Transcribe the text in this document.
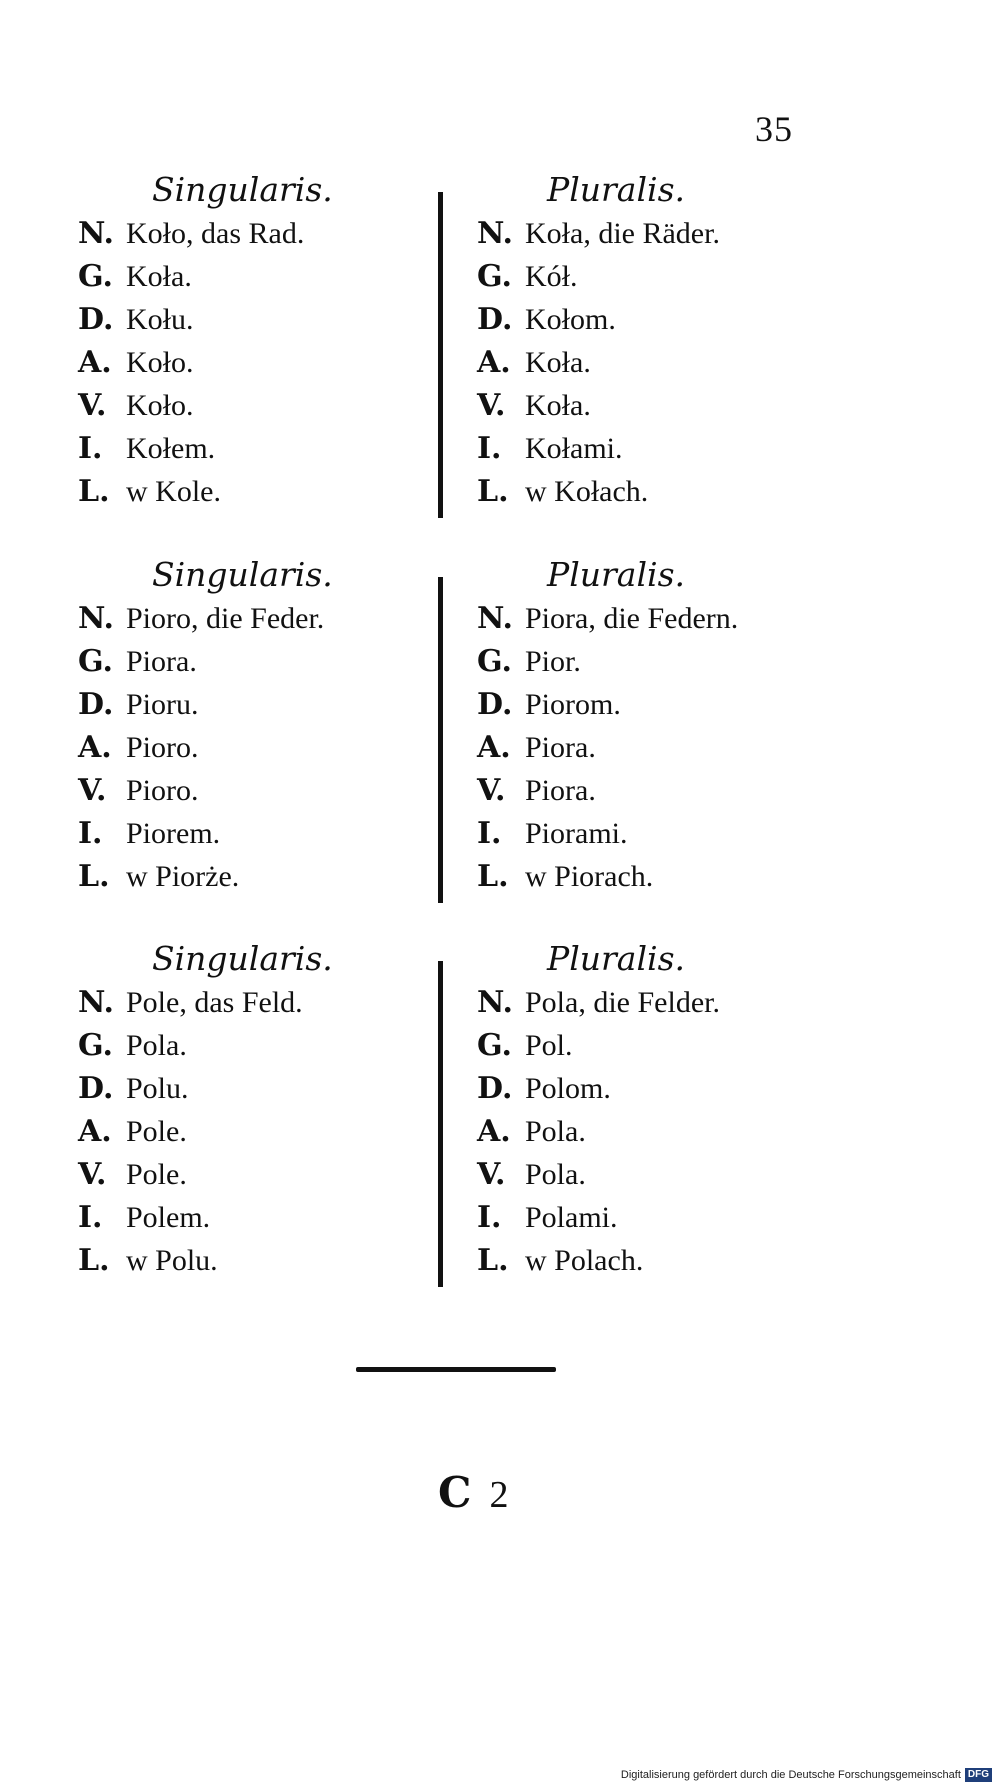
35
Singularis.
N. Koło, das Rad.
G. Koła.
D. Kołu.
A. Koło.
V. Koło.
I. Kołem.
L. w Kole.
Pluralis.
N. Koła, die Räder.
G. Kół.
D. Kołom.
A. Koła.
V. Koła.
I. Kołami.
L. w Kołach.
Singularis.
N. Pioro, die Feder.
G. Piora.
D. Pioru.
A. Pioro.
V. Pioro.
I. Piorem.
L. w Piorże.
Pluralis.
N. Piora, die Federn.
G. Pior.
D. Piorom.
A. Piora.
V. Piora.
I. Piorami.
L. w Piorach.
Singularis.
N. Pole, das Feld.
G. Pola.
D. Polu.
A. Pole.
V. Pole.
I. Polem.
L. w Polu.
Pluralis.
N. Pola, die Felder.
G. Pol.
D. Polom.
A. Pola.
V. Pola.
I. Polami.
L. w Polach.
C 2
Digitalisierung gefördert durch die Deutsche Forschungsgemeinschaft DFG
